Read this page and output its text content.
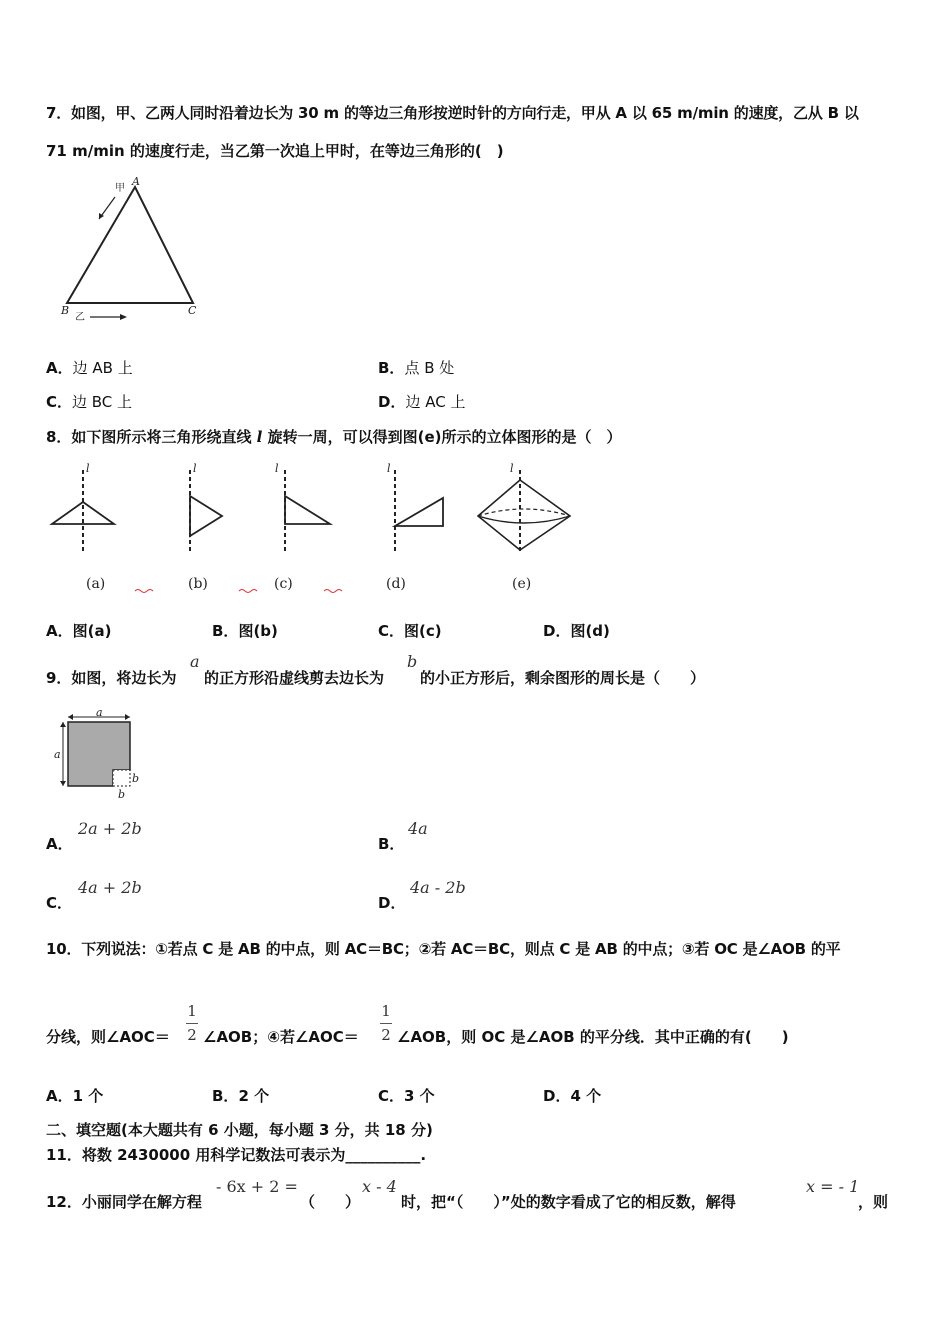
7．如图，甲、乙两人同时沿着边长为 30 m 的等边三角形按逆时针的方向行走，甲从 A 以 65 m/min 的速度，乙从 B 以
71 m/min 的速度行走，当乙第一次追上甲时，在等边三角形的(　)
A
B	C
甲
乙
A．边 AB 上	B．点 B 处
C．边 BC 上	D．边 AC 上
8．如下图所示将三角形绕直线 l 旋转一周，可以得到图(e)所示的立体图形的是（　）
l	l	l	l	l
(a)	(b)	(c)	(d)	(e)
A．图(a)	B．图(b)	C．图(c)	D．图(d)
9．如图，将边长为
a
的正方形沿虚线剪去边长为
b
的小正方形后，剩余图形的周长是（　　）
a
a
b
b
A．
2a + 2b
B．
4a
C．
4a + 2b
D．
4a - 2b
10．下列说法：①若点 C 是 AB 的中点，则 AC＝BC；②若 AC＝BC，则点 C 是 AB 的中点；③若 OC 是∠AOB 的平
分线，则∠AOC＝
1
2 ∠AOB；④若∠AOC＝
1
2 ∠AOB，则 OC 是∠AOB 的平分线．其中正确的有(　　)
A．1 个	B．2 个	C．3 个	D．4 个
二、填空题(本大题共有 6 小题，每小题 3 分，共 18 分)
11．将数 2430000 用科学记数法可表示为__________.
12．小丽同学在解方程
- 6x + 2 =
（　　）
x - 4
时，把“（　　）”处的数字看成了它的相反数，解得
x = - 1
，则
